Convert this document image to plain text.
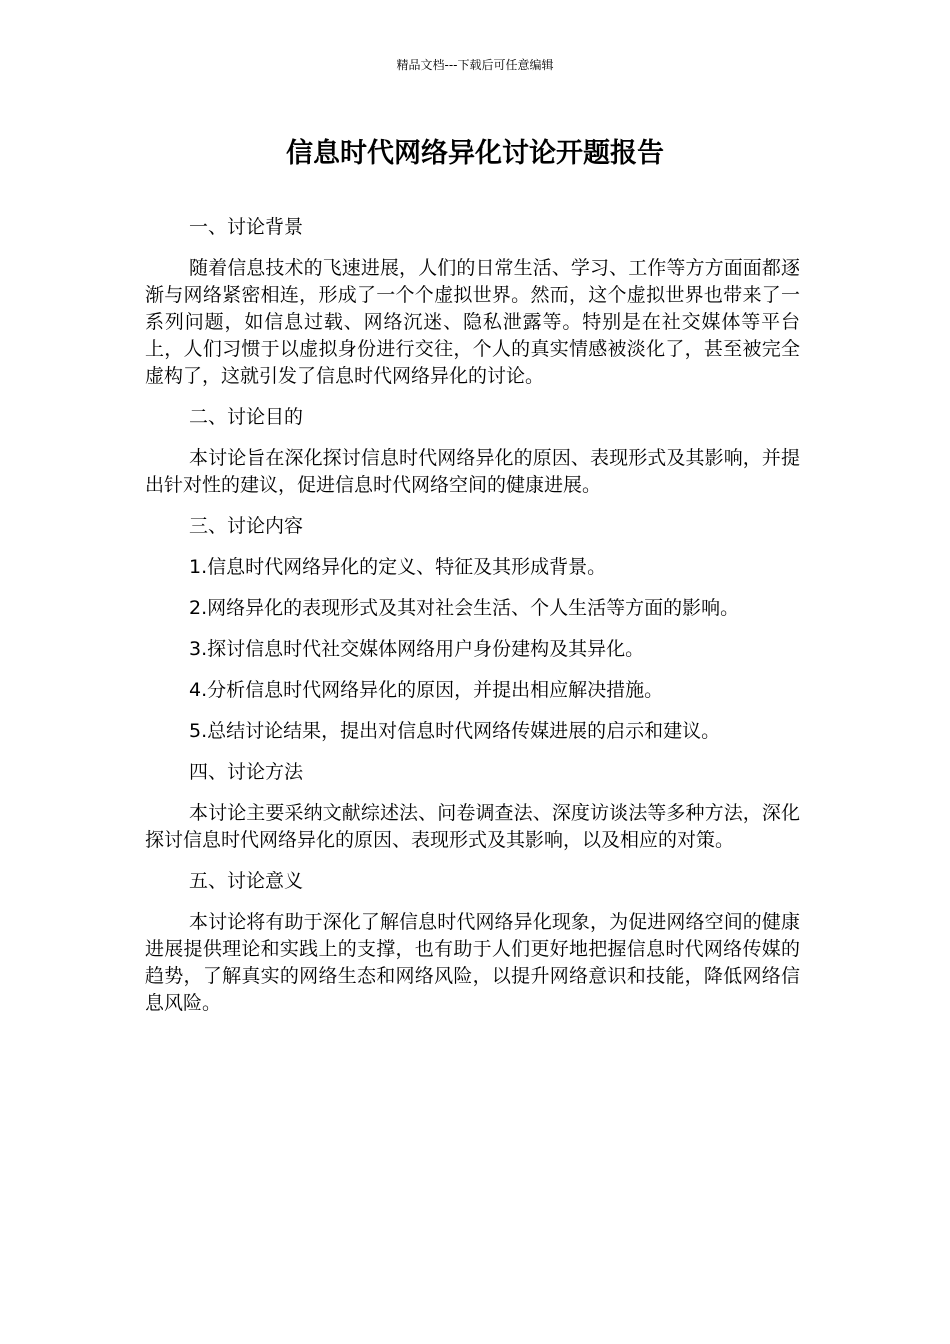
精品文档---下载后可任意编辑
信息时代网络异化讨论开题报告
一、讨论背景

随着信息技术的飞速进展，人们的日常生活、学习、工作等方方面面都逐渐与网络紧密相连，形成了一个个虚拟世界。然而，这个虚拟世界也带来了一系列问题，如信息过载、网络沉迷、隐私泄露等。特别是在社交媒体等平台上，人们习惯于以虚拟身份进行交往，个人的真实情感被淡化了，甚至被完全虚构了，这就引发了信息时代网络异化的讨论。

二、讨论目的

本讨论旨在深化探讨信息时代网络异化的原因、表现形式及其影响，并提出针对性的建议，促进信息时代网络空间的健康进展。

三、讨论内容

1.信息时代网络异化的定义、特征及其形成背景。

2.网络异化的表现形式及其对社会生活、个人生活等方面的影响。

3.探讨信息时代社交媒体网络用户身份建构及其异化。

4.分析信息时代网络异化的原因，并提出相应解决措施。

5.总结讨论结果，提出对信息时代网络传媒进展的启示和建议。

四、讨论方法

本讨论主要采纳文献综述法、问卷调查法、深度访谈法等多种方法，深化探讨信息时代网络异化的原因、表现形式及其影响，以及相应的对策。

五、讨论意义

本讨论将有助于深化了解信息时代网络异化现象，为促进网络空间的健康进展提供理论和实践上的支撑，也有助于人们更好地把握信息时代网络传媒的趋势，了解真实的网络生态和网络风险，以提升网络意识和技能，降低网络信息风险。
